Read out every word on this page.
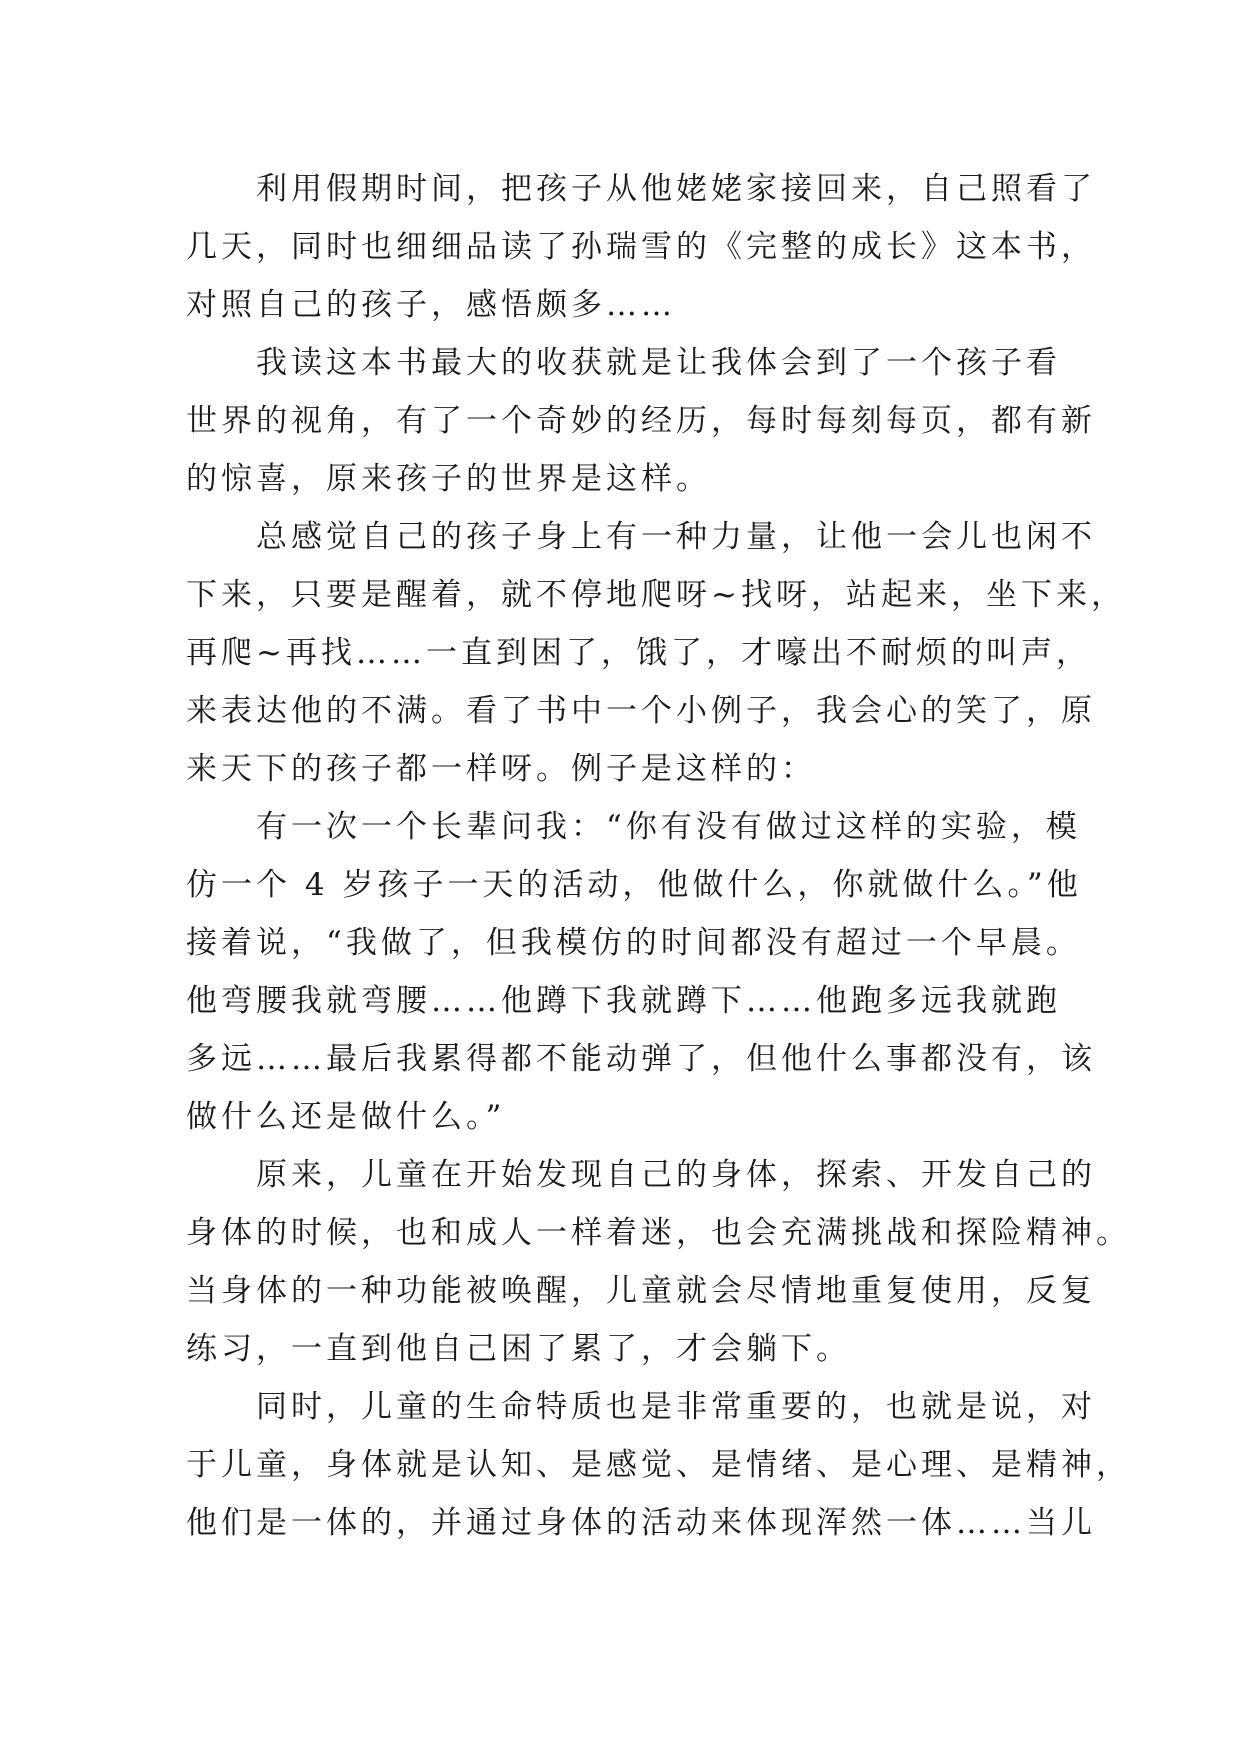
利用假期时间，把孩子从他姥姥家接回来，自己照看了
几天，同时也细细品读了孙瑞雪的《完整的成长》这本书，
对照自己的孩子，感悟颇多……

我读这本书最大的收获就是让我体会到了一个孩子看
世界的视角，有了一个奇妙的经历，每时每刻每页，都有新
的惊喜，原来孩子的世界是这样。

总感觉自己的孩子身上有一种力量，让他一会儿也闲不
下来，只要是醒着，就不停地爬呀~找呀，站起来，坐下来，
再爬~再找……一直到困了，饿了，才嚎出不耐烦的叫声，
来表达他的不满。看了书中一个小例子，我会心的笑了，原
来天下的孩子都一样呀。例子是这样的：

有一次一个长辈问我：“你有没有做过这样的实验，模
仿一个 4 岁孩子一天的活动，他做什么，你就做什么。”他
接着说，“我做了，但我模仿的时间都没有超过一个早晨。
他弯腰我就弯腰……他蹲下我就蹲下……他跑多远我就跑
多远……最后我累得都不能动弹了，但他什么事都没有，该
做什么还是做什么。”

原来，儿童在开始发现自己的身体，探索、开发自己的
身体的时候，也和成人一样着迷，也会充满挑战和探险精神。
当身体的一种功能被唤醒，儿童就会尽情地重复使用，反复
练习，一直到他自己困了累了，才会躺下。

同时，儿童的生命特质也是非常重要的，也就是说，对
于儿童，身体就是认知、是感觉、是情绪、是心理、是精神，
他们是一体的，并通过身体的活动来体现浑然一体……当儿
